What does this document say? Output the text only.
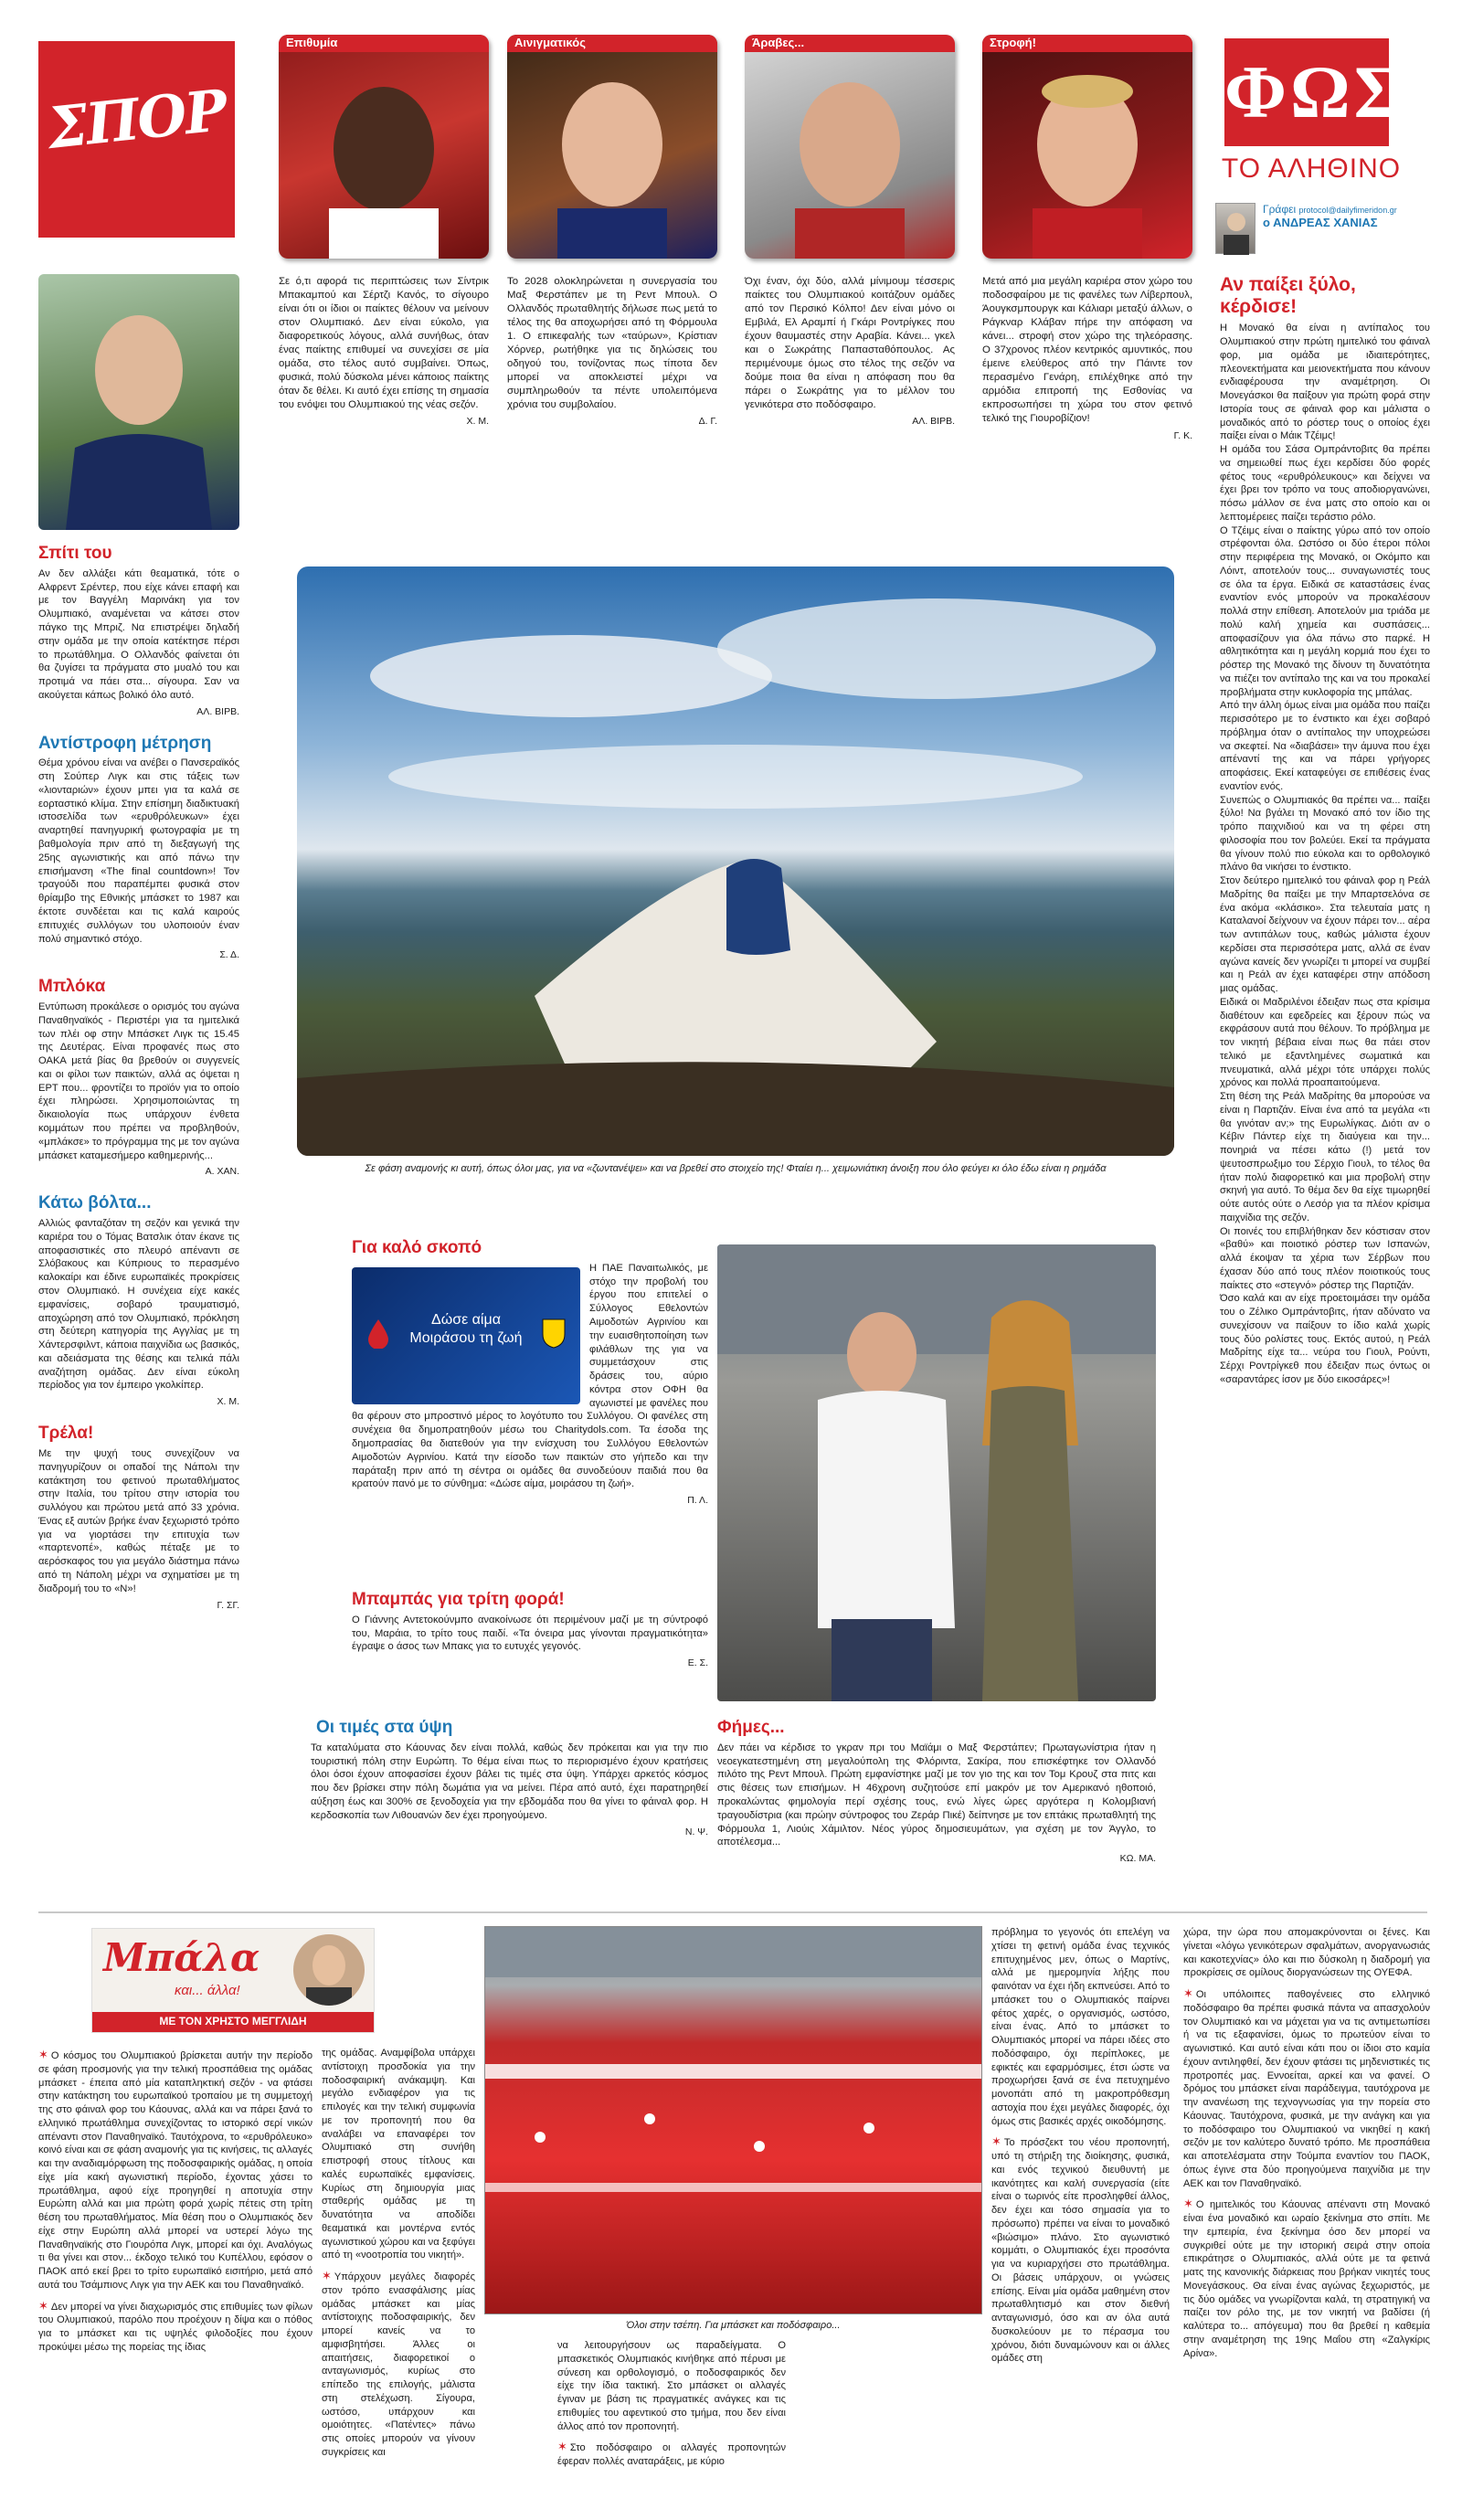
ΣΠΟΡ	ΦΩΣ
ΤΟ ΑΛΗΘΙΝΟ
Γράφει protocol@dailyfimeridon.gr
ο ΑΝΔΡΕΑΣ ΧΑΝΙΑΣ
Επιθυμία
Σε ό,τι αφορά τις περιπτώσεις των Σίντρικ Μπακαμπού και Σέρτζι Κανός, το σίγουρο είναι ότι οι ίδιοι οι παίκτες θέλουν να μείνουν στον Ολυμπιακό. Δεν είναι εύκολο, για διαφορετικούς λόγους, αλλά συνήθως, όταν ένας παίκτης επιθυμεί να συνεχίσει σε μία ομάδα, στο τέλος αυτό συμβαίνει. Όπως, φυσικά, πολύ δύσκολα μένει κάποιος παίκτης όταν δε θέλει. Κι αυτό έχει επίσης τη σημασία του ενόψει του Ολυμπιακού της νέας σεζόν.
Χ. Μ.
Αινιγματικός
Το 2028 ολοκληρώνεται η συνεργασία του Μαξ Φερστάπεν με τη Ρεντ Μπουλ. Ο Ολλανδός πρωταθλητής δήλωσε πως μετά το τέλος της θα αποχωρήσει από τη Φόρμουλα 1. Ο επικεφαλής των «ταύρων», Κρίστιαν Χόρνερ, ρωτήθηκε για τις δηλώσεις του οδηγού του, τονίζοντας πως τίποτα δεν μπορεί να αποκλειστεί μέχρι να συμπληρωθούν τα πέντε υπολειπόμενα χρόνια του συμβολαίου.
Δ. Γ.
Άραβες...
Όχι έναν, όχι δύο, αλλά μίνιμουμ τέσσερις παίκτες του Ολυμπιακού κοιτάζουν ομάδες από τον Περσικό Κόλπο! Δεν είναι μόνο οι Εμβιλά, Ελ Αραμπί ή Γκάρι Ροντρίγκες που έχουν θαυμαστές στην Αραβία. Κάνει... γκελ και ο Σωκράτης Παπασταθόπουλος. Ας περιμένουμε όμως στο τέλος της σεζόν να δούμε ποια θα είναι η απόφαση που θα πάρει ο Σωκράτης για το μέλλον του γενικότερα στο ποδόσφαιρο.
ΑΛ. ΒΙΡΒ.
Στροφή!
Μετά από μια μεγάλη καριέρα στον χώρο του ποδοσφαίρου με τις φανέλες των Λίβερπουλ, Άουγκσμπουργκ και Κάλιαρι μεταξύ άλλων, ο Ράγκναρ Κλάβαν πήρε την απόφαση να κάνει... στροφή στον χώρο της τηλεόρασης. Ο 37χρονος πλέον κεντρικός αμυντικός, που έμεινε ελεύθερος από την Πάιντε τον περασμένο Γενάρη, επιλέχθηκε από την αρμόδια επιτροπή της Εσθονίας να εκπροσωπήσει τη χώρα του στον φετινό τελικό της Γιουροβίζιον!
Γ. Κ.
Σπίτι του
Αν δεν αλλάξει κάτι θεαματικά, τότε ο Αλφρεντ Σρέντερ, που είχε κάνει επαφή και με τον Βαγγέλη Μαρινάκη για τον Ολυμπιακό, αναμένεται να κάτσει στον πάγκο της Μπριζ. Να επιστρέψει δηλαδή στην ομάδα με την οποία κατέκτησε πέρσι το πρωτάθλημα. Ο Ολλανδός φαίνεται ότι θα ζυγίσει τα πράγματα στο μυαλό του και προτιμά να πάει στα... σίγουρα. Σαν να ακούγεται κάπως βολικό όλο αυτό.
ΑΛ. ΒΙΡΒ.
Αντίστροφη μέτρηση
Θέμα χρόνου είναι να ανέβει ο Πανσεραϊκός στη Σούπερ Λιγκ και στις τάξεις των «λιονταριών» έχουν μπει για τα καλά σε εορταστικό κλίμα. Στην επίσημη διαδικτυακή ιστοσελίδα των «ερυθρόλευκων» έχει αναρτηθεί πανηγυρική φωτογραφία με τη βαθμολογία πριν από τη διεξαγωγή της 25ης αγωνιστικής και από πάνω την επισήμανση «The final countdown»! Τον τραγούδι που παραπέμπει φυσικά στον θρίαμβο της Εθνικής μπάσκετ το 1987 και έκτοτε συνδέεται και τις καλά καιρούς επιτυχιές συλλόγων του υλοποιούν έναν πολύ σημαντικό στόχο.
Σ. Δ.
Μπλόκα
Εντύπωση προκάλεσε ο ορισμός του αγώνα Παναθηναϊκός - Περιστέρι για τα ημιτελικά των πλέι οφ στην Μπάσκετ Λιγκ τις 15.45 της Δευτέρας. Είναι προφανές πως στο ΟΑΚΑ μετά βίας θα βρεθούν οι συγγενείς και οι φίλοι των παικτών, αλλά ας όψεται η ΕΡΤ που... φροντίζει το προϊόν για το οποίο έχει πληρώσει. Χρησιμοποιώντας τη δικαιολογία πως υπάρχουν ένθετα κομμάτων που πρέπει να προβληθούν, «μπλάκσε» το πρόγραμμα της με τον αγώνα μπάσκετ καταμεσήμερο καθημερινής...
Α. ΧΑΝ.
Κάτω βόλτα...
Αλλιώς φανταζόταν τη σεζόν και γενικά την καριέρα του ο Τόμας Βατσλικ όταν έκανε τις αποφασιστικές στο πλευρό απέναντι σε Σλόβακους και Κύπριους το περασμένο καλοκαίρι και έδινε ευρωπαϊκές προκρίσεις στον Ολυμπιακό. Η συνέχεια είχε κακές εμφανίσεις, σοβαρό τραυματισμό, αποχώρηση από τον Ολυμπιακό, πρόκληση στη δεύτερη κατηγορία της Αγγλίας με τη Χάντερσφιλντ, κάποια παιχνίδια ως βασικός, και αδειάσματα της θέσης και τελικά πάλι αναζήτηση ομάδας. Δεν είναι εύκολη περίοδος για τον έμπειρο γκολκίπερ.
Χ. Μ.
Τρέλα!
Με την ψυχή τους συνεχίζουν να πανηγυρίζουν οι οπαδοί της Νάπολι την κατάκτηση του φετινού πρωταθλήματος στην Ιταλία, του τρίτου στην ιστορία του συλλόγου και πρώτου μετά από 33 χρόνια. Ένας εξ αυτών βρήκε έναν ξεχωριστό τρόπο για να γιορτάσει την επιτυχία των «παρτενοπέ», καθώς πέταξε με το αερόσκαφος του για μεγάλο διάστημα πάνω από τη Νάπολη μέχρι να σχηματίσει με τη διαδρομή του το «Ν»!
Γ. ΣΓ.
Σε φάση αναμονής κι αυτή, όπως όλοι μας, για να «ζωντανέψει» και να βρεθεί στο στοιχείο της! Φταίει η... χειμωνιάτικη άνοιξη που όλο φεύγει κι όλο έδω είναι η ρημάδα
Για καλό σκοπό
Δώσε αίμα
Μοιράσου τη ζωή
Η ΠΑΕ Παναιτωλικός, με στόχο την προβολή του έργου που επιτελεί ο Σύλλογος Εθελοντών Αιμοδοτών Αγρινίου και την ευαισθητοποίηση των φιλάθλων της για να συμμετάσχουν στις δράσεις του, αύριο κόντρα στον ΟΦΗ θα αγωνιστεί με φανέλες που θα φέρουν στο μπροστινό μέρος το λογότυπο του Συλλόγου. Οι φανέλες στη συνέχεια θα δημοπρατηθούν μέσω του Charitydols.com. Τα έσοδα της δημοπρασίας θα διατεθούν για την ενίσχυση του Συλλόγου Εθελοντών Αιμοδοτών Αγρινίου. Κατά την είσοδο των παικτών στο γήπεδο και την παράταξη πριν από τη σέντρα οι ομάδες θα συνοδεύουν παιδιά που θα κρατούν πανό με το σύνθημα: «Δώσε αίμα, μοιράσου τη ζωή».
Π. Λ.
Μπαμπάς για τρίτη φορά!
Ο Γιάννης Αντετοκούνμπο ανακοίνωσε ότι περιμένουν μαζί με τη σύντροφό του, Μαράια, το τρίτο τους παιδί. «Τα όνειρα μας γίνονται πραγματικότητα» έγραψε ο άσος των Μπακς για το ευτυχές γεγονός.
Ε. Σ.
Οι τιμές στα ύψη
Τα καταλύματα στο Κάουνας δεν είναι πολλά, καθώς δεν πρόκειται και για την πιο τουριστική πόλη στην Ευρώπη. Το θέμα είναι πως το περιορισμένο έχουν κρατήσεις όλοι όσοι έχουν αποφασίσει έχουν βάλει τις τιμές στα ύψη. Υπάρχει αρκετός κόσμος που δεν βρίσκει στην πόλη δωμάτια για να μείνει. Πέρα από αυτό, έχει παρατηρηθεί αύξηση έως και 300% σε ξενοδοχεία για την εβδομάδα που θα γίνει το φάιναλ φορ. Η κερδοσκοπία των Λιθουανών δεν έχει προηγούμενο.
Ν. Ψ.
Φήμες...
Δεν πάει να κέρδισε το γκραν πρι του Μαϊάμι ο Μαξ Φερστάπεν; Πρωταγωνίστρια ήταν η νεοεγκατεστημένη στη μεγαλούπολη της Φλόριντα, Σακίρα, που επισκέφτηκε τον Ολλανδό πιλότο της Ρεντ Μπουλ. Πρώτη εμφανίστηκε μαζί με τον γιο της και τον Τομ Κρουζ στα πιτς και στις θέσεις των επισήμων. Η 46χρονη συζητούσε επί μακρόν με τον Αμερικανό ηθοποιό, προκαλώντας φημολογία περί σχέσης τους, ενώ λίγες ώρες αργότερα η Κολομβιανή τραγουδίστρια (και πρώην σύντροφος του Ζεράρ Πικέ) δείπνησε με τον επτάκις πρωταθλητή της Φόρμουλα 1, Λιούις Χάμιλτον. Νέος γύρος δημοσιευμάτων, για σχέση με τον Άγγλο, το αποτέλεσμα...
ΚΩ. ΜΑ.
Αν παίξει ξύλο, κέρδισε!
Η Μονακό θα είναι η αντίπαλος του Ολυμπιακού στην πρώτη ημιτελικό του φάιναλ φορ, μια ομάδα με ιδιαιτερότητες, πλεονεκτήματα και μειονεκτήματα που κάνουν ενδιαφέρουσα την αναμέτρηση. Οι Μονεγάσκοι θα παίξουν για πρώτη φορά στην Ιστορία τους σε φάιναλ φορ και μάλιστα ο μοναδικός από το ρόστερ τους ο οποίος έχει παίξει είναι ο Μάικ Τζέιμς!
Η ομάδα του Σάσα Ομπράντοβιτς θα πρέπει να σημειωθεί πως έχει κερδίσει δύο φορές φέτος τους «ερυθρόλευκους» και δείχνει να έχει βρει τον τρόπο να τους αποδιοργανώνει, πόσω μάλλον σε ένα ματς στο οποίο και οι λεπτομέρειες παίζει τεράστιο ρόλο.
Ο Τζέιμς είναι ο παίκτης γύρω από τον οποίο στρέφονται όλα. Ωστόσο οι δύο έτεροι πόλοι στην περιφέρεια της Μονακό, οι Οκόμπο και Λόιντ, αποτελούν τους... συναγωνιστές τους σε όλα τα έργα. Ειδικά σε καταστάσεις ένας εναντίον ενός μπορούν να προκαλέσουν πολλά στην επίθεση. Αποτελούν μια τριάδα με πολύ καλή χημεία και συσπάσεις... αποφασίζουν για όλα πάνω στο παρκέ. Η αθλητικότητα και η μεγάλη κορμιά που έχει το ρόστερ της Μονακό της δίνουν τη δυνατότητα να πιέζει τον αντίπαλο της και να του προκαλεί προβλήματα στην κυκλοφορία της μπάλας.
Από την άλλη όμως είναι μια ομάδα που παίζει περισσότερο με το ένστικτο και έχει σοβαρό πρόβλημα όταν ο αντίπαλος την υποχρεώσει να σκεφτεί. Να «διαβάσει» την άμυνα που έχει απέναντί της και να πάρει γρήγορες αποφάσεις. Εκεί καταφεύγει σε επιθέσεις ένας εναντίον ενός.
Συνεπώς ο Ολυμπιακός θα πρέπει να... παίξει ξύλο! Να βγάλει τη Μονακό από τον ίδιο της τρόπο παιχνιδιού και να τη φέρει στη φιλοσοφία που τον βολεύει. Εκεί τα πράγματα θα γίνουν πολύ πιο εύκολα και το ορθολογικό πλάνο θα νικήσει το ένστικτο.
Στον δεύτερο ημιτελικό του φάιναλ φορ η Ρεάλ Μαδρίτης θα παίξει με την Μπαρτσελόνα σε ένα ακόμα «κλάσικο». Στα τελευταία ματς η Καταλανοί δείχνουν να έχουν πάρει τον... αέρα των αντιπάλων τους, καθώς μάλιστα έχουν κερδίσει στα περισσότερα ματς, αλλά σε έναν αγώνα κανείς δεν γνωρίζει τι μπορεί να συμβεί και η Ρεάλ αν έχει καταφέρει στην απόδοση μιας ομάδας.
Ειδικά οι Μαδριλένοι έδειξαν πως στα κρίσιμα διαθέτουν και εφεδρείες και ξέρουν πώς να εκφράσουν αυτά που θέλουν. Το πρόβλημα με τον νικητή βέβαια είναι πως θα πάει στον τελικό με εξαντλημένες σωματικά και πνευματικά, αλλά μέχρι τότε υπάρχει πολύς χρόνος και πολλά προαπαιτούμενα.
Στη θέση της Ρεάλ Μαδρίτης θα μπορούσε να είναι η Παρτιζάν. Είναι ένα από τα μεγάλα «τι θα γινόταν αν;» της Ευρωλίγκας. Διότι αν ο Κέβιν Πάντερ είχε τη διαύγεια και την... πονηριά να πέσει κάτω (!) μετά τον ψευτοσπρωξιμο του Σέρχιο Γιουλ, το τέλος θα ήταν πολύ διαφορετικό και μια προβολή στην σκηνή για αυτό. Το θέμα δεν θα είχε τιμωρηθεί ούτε αυτός ούτε ο Λεσόρ για τα πλέον κρίσιμα παιχνίδια της σεζόν.
Οι ποινές του επιβλήθηκαν δεν κόστισαν στον «βαθύ» και ποιοτικό ρόστερ των Ισπανών, αλλά έκοψαν τα χέρια των Σέρβων που έχασαν δύο από τους πλέον ποιοτικούς τους παίκτες στο «στεγνό» ρόστερ της Παρτιζάν.
Όσο καλά και αν είχε προετοιμάσει την ομάδα του ο Ζέλικο Ομπράντοβιτς, ήταν αδύνατο να συνεχίσουν να παίξουν το ίδιο καλά χωρίς τους δύο ρολίστες τους. Εκτός αυτού, η Ρεάλ Μαδρίτης είχε τα... νεύρα του Γιουλ, Ρούντι, Σέρχι Ροντρίγκεθ που έδειξαν πως όντως οι «σαραντάρες ίσον με δύο εικοσάρες»!
Μπάλα
και... άλλα!
ΜΕ ΤΟΝ ΧΡΗΣΤΟ ΜΕΓΓΛΙΔΗ
Όλοι στην τσέπη. Για μπάσκετ και ποδόσφαιρο...

✶ Ο κόσμος του Ολυμπιακού βρίσκεται αυτήν την περίοδο σε φάση προσμονής για την τελική προσπάθεια της ομάδας μπάσκετ - έπειτα από μία καταπληκτική σεζόν - να φτάσει στην κατάκτηση του ευρωπαϊκού τροπαίου με τη συμμετοχή της στο φάιναλ φορ του Κάουνας, αλλά και να πάρει ξανά το ελληνικό πρωτάθλημα συνεχίζοντας το ιστορικό σερί νικών απέναντι στον Παναθηναϊκό. Ταυτόχρονα, το «ερυθρόλευκο» κοινό είναι και σε φάση αναμονής για τις κινήσεις, τις αλλαγές και την αναδιαμόρφωση της ποδοσφαιρικής ομάδας, η οποία είχε μία κακή αγωνιστική περίοδο, έχοντας χάσει το πρωτάθλημα, αφού είχε προηγηθεί η αποτυχία στην Ευρώπη αλλά και μια πρώτη φορά χωρίς πέτεις στη τρίτη θέση του πρωταθλήματος. Μία θέση που ο Ολυμπιακός δεν είχε στην Ευρώπη αλλά μπορεί να υστερεί λόγω της Παναθηναϊκής στο Γιουρόπα Λιγκ, μπορεί και όχι. Αναλόγως τι θα γίνει και στον... έκδοχο τελικό του Κυπέλλου, εφόσον ο ΠΑΟΚ από εκεί βρει το τρίτο ευρωπαϊκό εισιτήριο, μετά από αυτά του Τσάμπιονς Λιγκ για την ΑΕΚ και του Παναθηναϊκό.

✶ Δεν μπορεί να γίνει διαχωρισμός στις επιθυμίες των φίλων του Ολυμπιακού, παρόλο που προέχουν η δίψα και ο πόθος για το μπάσκετ και τις υψηλές φιλοδοξίες που έχουν προκύψει μέσω της πορείας της ίδιας

της ομάδας. Αναμφίβολα υπάρχει αντίστοιχη προσδοκία για την ποδοσφαιρική ανάκαμψη. Και μεγάλο ενδιαφέρον για τις επιλογές και την τελική συμφωνία με τον προπονητή που θα αναλάβει να επαναφέρει τον Ολυμπιακό στη συνήθη επιστροφή στους τίτλους και καλές ευρωπαϊκές εμφανίσεις. Κυρίως στη δημιουργία μιας σταθερής ομάδας με τη δυνατότητα να αποδίδει θεαματικά και μοντέρνα εντός αγωνιστικού χώρου και να ξεφύγει από τη «νοοτροπία του νικητή».

✶ Υπάρχουν μεγάλες διαφορές στον τρόπο ενασφάλισης μίας ομάδας μπάσκετ και μίας αντίστοιχης ποδοσφαιρικής, δεν μπορεί κανείς να το αμφισβητήσει. Άλλες οι απαιτήσεις, διαφορετικοί ο ανταγωνισμός, κυρίως στο επίπεδο της επιλογής, μάλιστα στη στελέχωση. Σίγουρα, ωστόσο, υπάρχουν και ομοιότητες. «Πατέντες» πάνω στις οποίες μπορούν να γίνουν συγκρίσεις και

να λειτουργήσουν ως παραδείγματα. Ο μπασκετικός Ολυμπιακός κινήθηκε από πέρυσι με σύνεση και ορθολογισμό, ο ποδοσφαιρικός δεν είχε την ίδια τακτική. Στο μπάσκετ οι αλλαγές έγιναν με βάση τις πραγματικές ανάγκες και τις επιθυμίες του αφεντικού στο τμήμα, που δεν είναι άλλος από τον προπονητή.

✶ Στο ποδόσφαιρο οι αλλαγές προπονητών έφεραν πολλές αναταράξεις, με κύριο

πρόβλημα το γεγονός ότι επελέγη να χτίσει τη φετινή ομάδα ένας τεχνικός επιτυχημένος μεν, όπως ο Μαρτίνς, αλλά με ημερομηνία λήξης που φαινόταν να έχει ήδη εκπνεύσει. Από το μπάσκετ του ο Ολυμπιακός παίρνει φέτος χαρές, ο οργανισμός, ωστόσο, είναι ένας. Από το μπάσκετ το Ολυμπιακός μπορεί να πάρει ιδέες στο ποδόσφαιρο, όχι περίπλοκες, με εφικτές και εφαρμόσιμες, έτσι ώστε να προχωρήσει ξανά σε ένα πετυχημένο μονοπάτι από τη μακροπρόθεσμη αστοχία που έχει μεγάλες διαφορές, όχι όμως στις βασικές αρχές οικοδόμησης.

✶ Το πρόσζεκτ του νέου προπονητή, υπό τη στήριξη της διοίκησης, φυσικά, και ενός τεχνικού διευθυντή με ικανότητες και καλή συνεργασία (είτε είναι ο τωρινός είτε προσληφθεί άλλος, δεν έχει και τόσο σημασία για το πρόσωπο) πρέπει να είναι το μοναδικό «βιώσιμο» πλάνο. Στο αγωνιστικό κομμάτι, ο Ολυμπιακός έχει προσόντα για να κυριαρχήσει στο πρωτάθλημα. Οι βάσεις υπάρχουν, οι γνώσεις επίσης. Είναι μία ομάδα μαθημένη στον πρωταθλητισμό και στον διεθνή ανταγωνισμό, όσο και αν όλα αυτά δυσκολεύουν με το πέρασμα του χρόνου, διότι δυναμώνουν και οι άλλες ομάδες στη

χώρα, την ώρα που απομακρύνονται οι ξένες. Και γίνεται «λόγω γενικότερων σφαλμάτων, ανοργανωσιάς και κακοτεχνίας» όλο και πιο δύσκολη η διαδρομή για προκρίσεις σε ομίλους διοργανώσεων της ΟΥΕΦΑ.

✶ Οι υπόλοιπες παθογένειες στο ελληνικό ποδόσφαιρο θα πρέπει φυσικά πάντα να απασχολούν τον Ολυμπιακό και να μάχεται για να τις αντιμετωπίσει ή να τις εξαφανίσει, όμως το πρωτεύον είναι το αγωνιστικό. Και αυτό είναι κάτι που οι ίδιοι στο καμία έχουν αντιληφθεί, δεν έχουν φτάσει τις μηδενιστικές τις προτροπές μας. Εννοείται, αρκεί και να φανεί. Ο δρόμος του μπάσκετ είναι παράδειγμα, ταυτόχρονα με την ανανέωση της τεχνογνωσίας για την πορεία στο Κάουνας. Ταυτόχρονα, φυσικά, με την ανάγκη και για το ποδόσφαιρο του Ολυμπιακού να νικηθεί η κακή σεζόν με τον καλύτερο δυνατό τρόπο. Με προσπάθεια και αποτελέσματα στην Τούμπα εναντίον του ΠΑΟΚ, όπως έγινε στα δύο προηγούμενα παιχνίδια με την ΑΕΚ και τον Παναθηναϊκό.

✶ Ο ημιτελικός του Κάουνας απέναντι στη Μονακό είναι ένα μοναδικό και ωραίο ξεκίνημα στο σπίτι. Με την εμπειρία, ένα ξεκίνημα όσο δεν μπορεί να συγκριθεί ούτε με την ιστορική σειρά στην οποία επικράτησε ο Ολυμπιακός, αλλά ούτε με τα φετινά ματς της κανονικής διάρκειας που βρήκαν νικητές τους Μονεγάσκους. Θα είναι ένας αγώνας ξεχωριστός, με τις δύο ομάδες να γνωρίζονται καλά, τη στρατηγική να παίζει τον ρόλο της, με τον νικητή να βαδίσει (ή καλύτερα το... απόγευμα) που θα βρεθεί η καθεμία στην αναμέτρηση της 19ης Μαΐου στη «Ζαλγκίρις Αρίνα».
